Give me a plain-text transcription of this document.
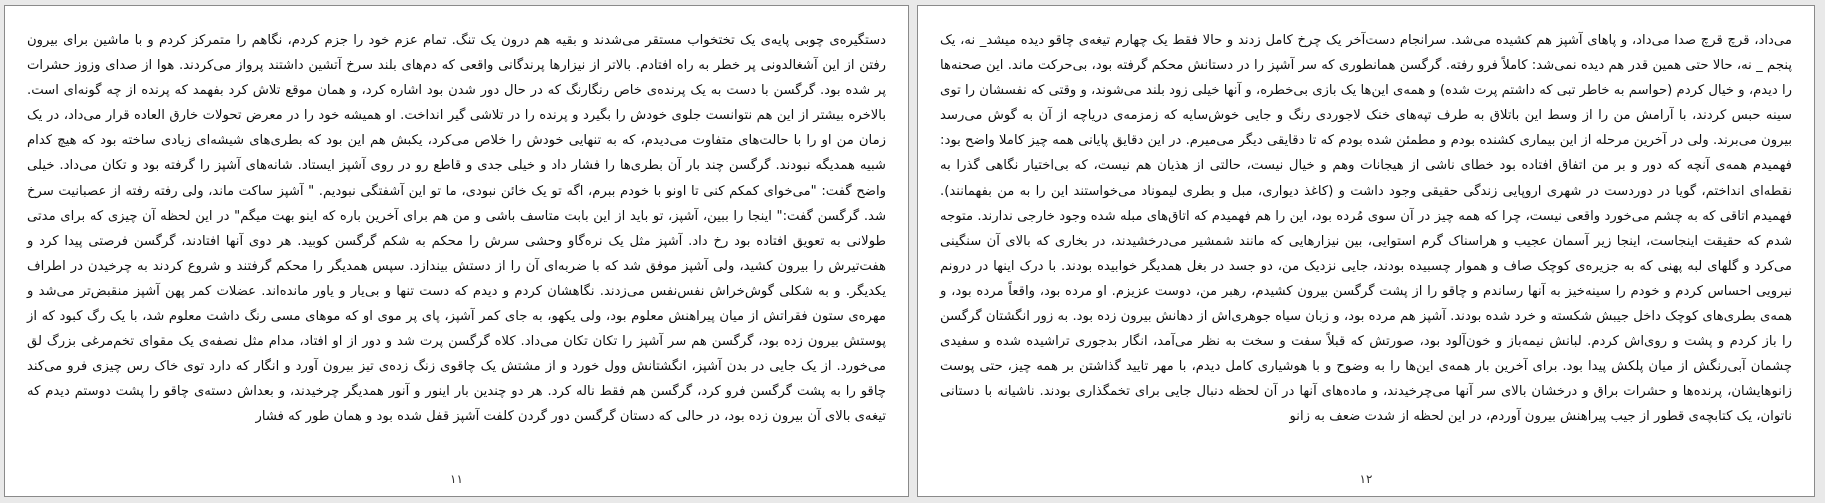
دستگیره‌ی چوبی پایه‌ی یک تختخواب مستقر می‌شدند و بقیه هم درون یک تنگ. تمام عزم خود را جزم کردم، نگاهم را متمرکز کردم و با ماشین برای بیرون رفتن از این آشغالدونی پر خطر به راه افتادم. بالاتر از نیزارها پرندگانی واقعی که دم‌های بلند سرخ آتشین داشتند پرواز می‌کردند. هوا از صدای وزوز حشرات پر شده بود. گرگسن با دست به یک پرنده‌ی خاص رنگارنگ که در حال دور شدن بود اشاره کرد، و همان موقع تلاش کرد بفهمد که پرنده از چه گونه‌ای است. بالاخره بیشتر از این هم نتوانست جلوی خودش را بگیرد و پرنده را در تلاشی گیر انداخت. او همیشه خود را در معرض تحولات خارق العاده قرار می‌داد، در یک زمان من او را با حالت‌های متفاوت می‌دیدم، که به تنهایی خودش را خلاص می‌کرد، یکبش هم این بود که بطری‌های شیشه‌ای زیادی ساخته بود که هیچ کدام شبیه همدیگه نبودند. گرگسن چند بار آن بطری‌ها را فشار داد و خیلی جدی و قاطع رو در روی آشپز ایستاد. شانه‌های آشپز را گرفته بود و تکان می‌داد. خیلی واضح گفت: "می‌خوای کمکم کنی تا اونو با خودم ببرم، اگه تو یک خائن نبودی، ما تو این آشفتگی نبودیم. " آشپز ساکت ماند، ولی رفته رفته از عصبانیت سرخ شد. گرگسن گفت:" اینجا را ببین، آشپز، تو باید از این بابت متاسف باشی و من هم برای آخرین باره که اینو بهت میگم" در این لحظه آن چیزی که برای مدتی طولانی به تعویق افتاده بود رخ داد. آشپز مثل یک نره‌گاو وحشی سرش را محکم به شکم گرگسن کوبید. هر دوی آنها افتادند، گرگسن فرصتی پیدا کرد و هفت‌تیرش را بیرون کشید، ولی آشپز موفق شد که با ضربه‌ای آن را از دستش بیندازد. سپس همدیگر را محکم گرفتند و شروع کردند به چرخیدن در اطراف یکدیگر. و به شکلی گوش‌خراش نفس‌نفس می‌زدند. نگاهشان کردم و دیدم که دست تنها و بی‌یار و یاور مانده‌اند. عضلات کمر پهن آشپز منقبض‌تر می‌شد و مهره‌ی ستون فقراتش از میان پیراهنش معلوم بود، ولی یکهو، به جای کمر آشپز، پای پر موی او که موهای مسی رنگ داشت معلوم شد، با یک رگ کبود که از پوستش بیرون زده بود، گرگسن هم سر آشپز را تکان تکان می‌داد. کلاه گرگسن پرت شد و دور از او افتاد، مدام مثل نصفه‌ی یک مقوای تخم‌مرغی بزرگ لق می‌خورد. از یک جایی در بدن آشپز، انگشتانش وول خورد و از مشتش یک چاقوی زنگ زده‌ی تیز بیرون آورد و انگار که دارد توی خاک رس چیزی فرو می‌کند چاقو را به پشت گرگسن فرو کرد، گرگسن هم فقط ناله کرد. هر دو چندین بار اینور و آنور همدیگر چرخیدند، و بعداش دسته‌ی چاقو را پشت دوستم دیدم که تیغه‌ی بالای آن بیرون زده بود، در حالی که دستان گرگسن دور گردن کلفت آشپز قفل شده بود و همان طور که فشار

۱۱

می‌داد، قرچ قرچ صدا می‌داد، و پاهای آشپز هم کشیده می‌شد. سرانجام دست‌آخر یک چرخ کامل زدند و حالا فقط یک چهارم تیغه‌ی چاقو دیده میشد_ نه، یک پنجم _ نه، حالا حتی همین قدر هم دیده نمی‌شد: کاملاً فرو رفته. گرگسن همانطوری که سر آشپز را در دستانش محکم گرفته بود، بی‌حرکت ماند. این صحنه‌ها را دیدم، و خیال کردم (حواسم به خاطر تبی که داشتم پرت شده) و همه‌ی این‌ها یک بازی بی‌خطره، و آنها خیلی زود بلند می‌شوند، و وقتی که نفسشان را توی سینه حبس کردند، با آرامش من را از وسط این باتلاق به طرف تپه‌های خنک لاجوردی رنگ و جایی خوش‌سایه که زمزمه‌ی دریاچه از آن به گوش می‌رسد بیرون می‌برند. ولی در آخرین مرحله از این بیماری کشنده بودم و مطمئن شده بودم که تا دقایقی دیگر می‌میرم. در این دقایق پایانی همه چیز کاملا واضح بود: فهمیدم همه‌ی آنچه که دور و بر من اتفاق افتاده بود خطای ناشی از هیجانات وهم و خیال نیست، حالتی از هذیان هم نیست، که بی‌اختیار نگاهی گذرا به نقطه‌ای انداختم، گویا در دوردست در شهری اروپایی زندگی حقیقی وجود داشت و (کاغذ دیواری، مبل و بطری لیموناد می‌خواستند این را به من بفهمانند). فهمیدم اتاقی که به چشم می‌خورد واقعی نیست، چرا که همه چیز در آن سوی مُرده بود، این را هم فهمیدم که اتاق‌های مبله شده وجود خارجی ندارند. متوجه شدم که حقیقت اینجاست، اینجا زیر آسمان عجیب و هراسناک گرم استوایی، بین نیزارهایی که مانند شمشیر می‌درخشیدند، در بخاری که بالای آن سنگینی می‌کرد و گلهای لبه پهنی که به جزیره‌ی کوچک صاف و هموار چسبیده بودند، جایی نزدیک من، دو جسد در بغل همدیگر خوابیده بودند. با درک اینها در درونم نیرویی احساس کردم و خودم را سینه‌خیز به آنها رساندم و چاقو را از پشت گرگسن بیرون کشیدم، رهبر من، دوست عزیزم. او مرده بود، واقعاً مرده بود، و همه‌ی بطری‌های کوچک داخل جیبش شکسته و خرد شده بودند. آشپز هم مرده بود، و زبان سیاه جوهری‌اش از دهانش بیرون زده بود. به زور انگشتان گرگسن را باز کردم و پشت و روی‌اش کردم. لبانش نیمه‌باز و خون‌آلود بود، صورتش که قبلاً سفت و سخت به نظر می‌آمد، انگار بدجوری تراشیده شده و سفیدی چشمان آبی‌رنگش از میان پلکش پیدا بود. برای آخرین بار همه‌ی این‌ها را به وضوح و با هوشیاری کامل دیدم، با مهر تایید گذاشتن بر همه چیز، حتی پوست زانوهایشان، پرنده‌ها و حشرات براق و درخشان بالای سر آنها می‌چرخیدند، و ماده‌های آنها در آن لحظه دنبال جایی برای تخمگذاری بودند. ناشیانه با دستانی ناتوان، یک کتابچه‌ی قطور از جیب پیراهنش بیرون آوردم، در این لحظه از شدت ضعف به زانو

۱۲
